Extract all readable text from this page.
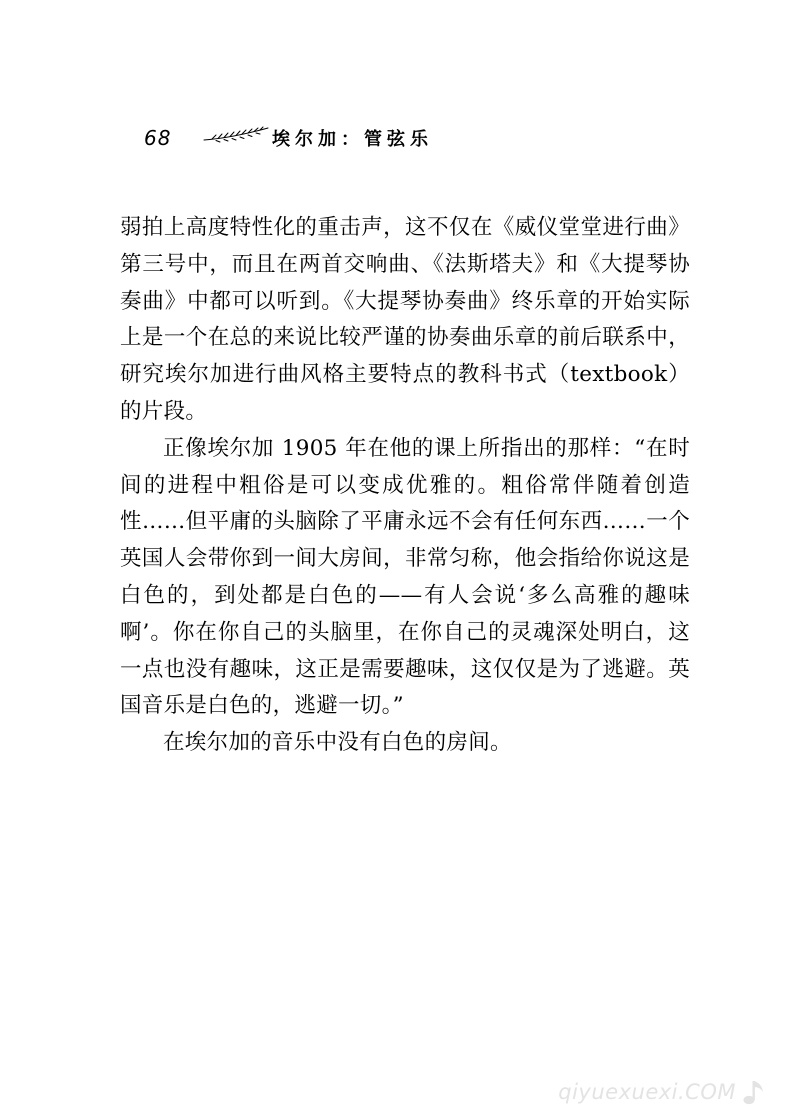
68	埃尔加：管弦乐

弱拍上高度特性化的重击声，这不仅在《威仪堂堂进行曲》第三号中，而且在两首交响曲、《法斯塔夫》和《大提琴协奏曲》中都可以听到。《大提琴协奏曲》终乐章的开始实际上是一个在总的来说比较严谨的协奏曲乐章的前后联系中，研究埃尔加进行曲风格主要特点的教科书式（textbook）的片段。

正像埃尔加 1905 年在他的课上所指出的那样：“在时间的进程中粗俗是可以变成优雅的。粗俗常伴随着创造性……但平庸的头脑除了平庸永远不会有任何东西……一个英国人会带你到一间大房间，非常匀称，他会指给你说这是白色的，到处都是白色的——有人会说‘多么高雅的趣味啊’。你在你自己的头脑里，在你自己的灵魂深处明白，这一点也没有趣味，这正是需要趣味，这仅仅是为了逃避。英国音乐是白色的，逃避一切。”

在埃尔加的音乐中没有白色的房间。

qiyuexuexi.COM
